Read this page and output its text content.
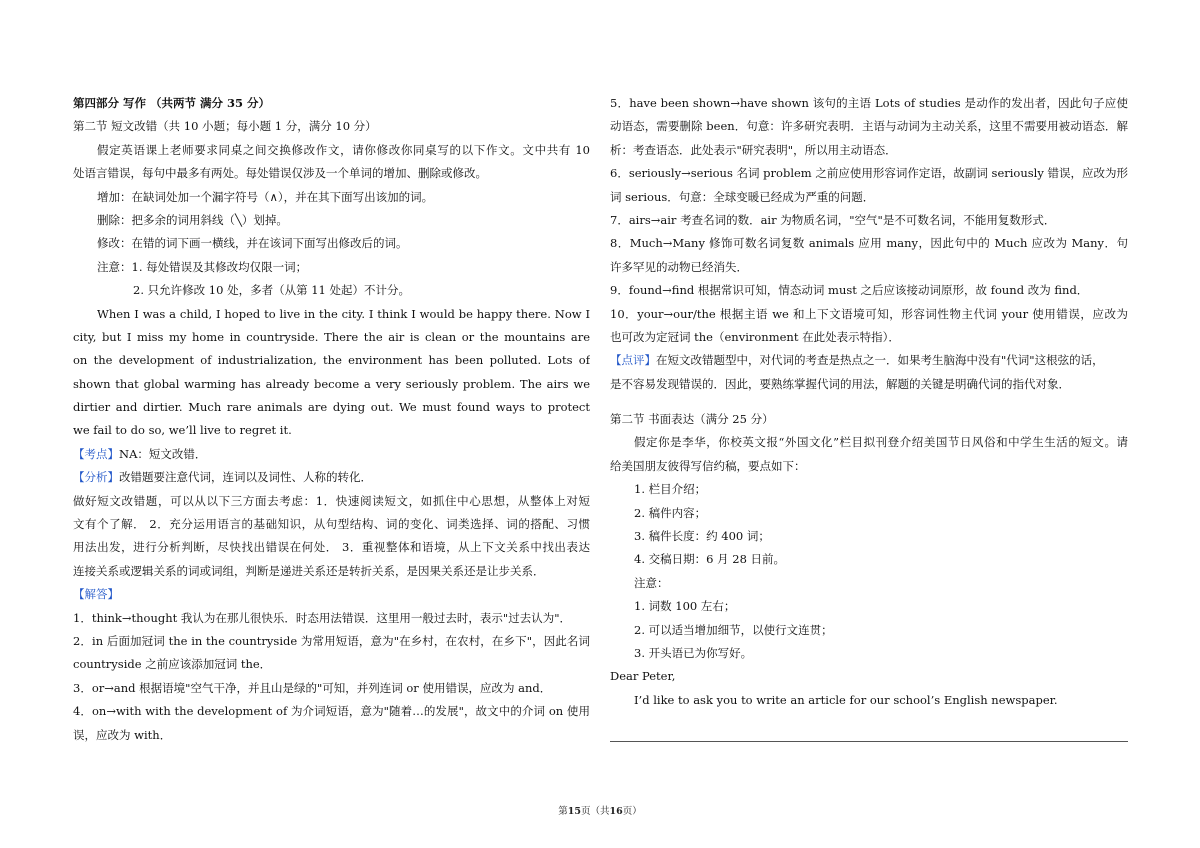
第四部分 写作 （共两节 满分 35 分）
第二节 短文改错（共 10 小题；每小题 1 分，满分 10 分）
假定英语课上老师要求同桌之间交换修改作文，请你修改你同桌写的以下作文。文中共有 10
处语言错误，每句中最多有两处。每处错误仅涉及一个单词的增加、删除或修改。
增加：在缺词处加一个漏字符号（∧），并在其下面写出该加的词。
删除：把多余的词用斜线（╲）划掉。
修改：在错的词下画一横线，并在该词下面写出修改后的词。
注意：1. 每处错误及其修改均仅限一词；
2. 只允许修改 10 处，多者（从第 11 处起）不计分。
When I was a child, I hoped to live in the city. I think I would be happy there. Now I
city, but I miss my home in countryside. There the air is clean or the mountains are
on the development of industrialization, the environment has been polluted. Lots of
shown that global warming has already become a very seriously problem. The airs we
dirtier and dirtier. Much rare animals are dying out. We must found ways to protect
we fail to do so, we’ll live to regret it.
【考点】NA：短文改错．
【分析】改错题要注意代词，连词以及词性、人称的转化．
做好短文改错题，可以从以下三方面去考虑：1．快速阅读短文，如抓住中心思想，从整体上对短
文有个了解． 2．充分运用语言的基础知识，从句型结构、词的变化、词类选择、词的搭配、习惯
用法出发，进行分析判断，尽快找出错误在何处． 3．重视整体和语境，从上下文关系中找出表达
连接关系或逻辑关系的词或词组，判断是递进关系还是转折关系，是因果关系还是让步关系．
【解答】
1．think→thought 我认为在那儿很快乐．时态用法错误．这里用一般过去时，表示"过去认为"．
2．in 后面加冠词 the in the countryside 为常用短语，意为"在乡村，在农村，在乡下"，因此名词
countryside 之前应该添加冠词 the．
3．or→and 根据语境"空气干净，并且山是绿的"可知，并列连词 or 使用错误，应改为 and．
4．on→with with the development of 为介词短语，意为"随着…的发展"，故文中的介词 on 使用
误，应改为 with．
5．have been shown→have shown 该句的主语 Lots of studies 是动作的发出者，因此句子应使
动语态，需要删除 been．句意：许多研究表明．主语与动词为主动关系，这里不需要用被动语态．解
析：考查语态．此处表示"研究表明"，所以用主动语态．
6．seriously→serious 名词 problem 之前应使用形容词作定语，故副词 seriously 错误，应改为形
词 serious．句意：全球变暖已经成为严重的问题．
7．airs→air 考查名词的数．air 为物质名词，"空气"是不可数名词，不能用复数形式．
8．Much→Many 修饰可数名词复数 animals 应用 many，因此句中的 Much 应改为 Many．句
许多罕见的动物已经消失．
9．found→find 根据常识可知，情态动词 must 之后应该接动词原形，故 found 改为 find．
10．your→our/the 根据主语 we 和上下文语境可知，形容词性物主代词 your 使用错误，应改为
也可改为定冠词 the（environment 在此处表示特指）．
【点评】在短文改错题型中，对代词的考查是热点之一．如果考生脑海中没有"代词"这根弦的话，
是不容易发现错误的．因此，要熟练掌握代词的用法，解题的关键是明确代词的指代对象．
第二节 书面表达（满分 25 分）
假定你是李华，你校英文报“外国文化”栏目拟刊登介绍美国节日风俗和中学生生活的短文。请
给美国朋友彼得写信约稿，要点如下：
1. 栏目介绍；
2. 稿件内容；
3. 稿件长度：约 400 词；
4. 交稿日期：6 月 28 日前。
注意：
1. 词数 100 左右；
2. 可以适当增加细节，以使行文连贯；
3. 开头语已为你写好。
Dear Peter,
I’d like to ask you to write an article for our school’s English newspaper.
第15页（共16页）
